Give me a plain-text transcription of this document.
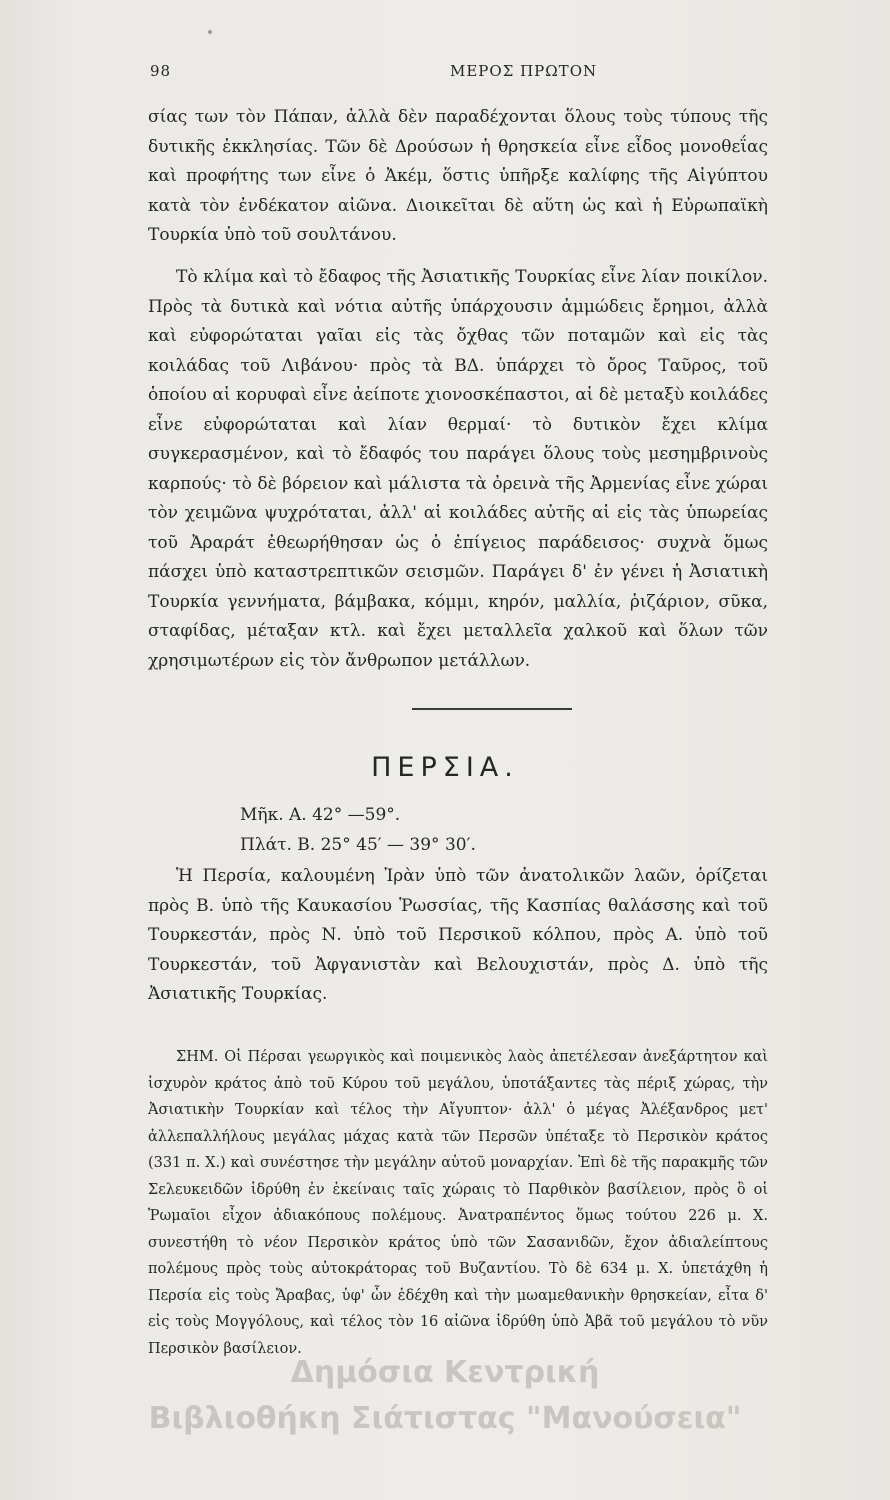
98	ΜΕΡΟΣ ΠΡΩΤΟΝ

σίας των τὸν Πάπαν, ἀλλὰ δὲν παραδέχονται ὅλους τοὺς τύπους τῆς δυτικῆς ἐκκλησίας. Τῶν δὲ Δρούσων ἡ θρησκεία εἶνε εἶδος μονοθεΐας καὶ προφήτης των εἶνε ὁ Ἀκέμ, ὅστις ὑπῆρξε καλίφης τῆς Αἰγύπτου κατὰ τὸν ἐνδέκατον αἰῶνα. Διοικεῖται δὲ αὕτη ὡς καὶ ἡ Εὐρωπαϊκὴ Τουρκία ὑπὸ τοῦ σουλτάνου.

Τὸ κλίμα καὶ τὸ ἔδαφος τῆς Ἀσιατικῆς Τουρκίας εἶνε λίαν ποικίλον. Πρὸς τὰ δυτικὰ καὶ νότια αὐτῆς ὑπάρχουσιν ἀμμώδεις ἔρημοι, ἀλλὰ καὶ εὐφορώταται γαῖαι εἰς τὰς ὄχθας τῶν ποταμῶν καὶ εἰς τὰς κοιλάδας τοῦ Λιβάνου· πρὸς τὰ ΒΔ. ὑπάρχει τὸ ὄρος Ταῦρος, τοῦ ὁποίου αἱ κορυφαὶ εἶνε ἀείποτε χιονοσκέπαστοι, αἱ δὲ μεταξὺ κοιλάδες εἶνε εὐφορώταται καὶ λίαν θερμαί· τὸ δυτικὸν ἔχει κλίμα συγκερασμένον, καὶ τὸ ἔδαφός του παράγει ὅλους τοὺς μεσημβρινοὺς καρπούς· τὸ δὲ βόρειον καὶ μάλιστα τὰ ὀρεινὰ τῆς Ἀρμενίας εἶνε χώραι τὸν χειμῶνα ψυχρόταται, ἀλλ' αἱ κοιλάδες αὐτῆς αἱ εἰς τὰς ὑπωρείας τοῦ Ἀραράτ ἐθεωρήθησαν ὡς ὁ ἐπίγειος παράδεισος· συχνὰ ὅμως πάσχει ὑπὸ καταστρεπτικῶν σεισμῶν. Παράγει δ' ἐν γένει ἡ Ἀσιατικὴ Τουρκία γεννήματα, βάμβακα, κόμμι, κηρόν, μαλλία, ῥιζάριον, σῦκα, σταφίδας, μέταξαν κτλ. καὶ ἔχει μεταλλεῖα χαλκοῦ καὶ ὅλων τῶν χρησιμωτέρων εἰς τὸν ἄνθρωπον μετάλλων.

ΠΕΡΣΙΑ.
Μῆκ. Α. 42° —59°.
Πλάτ. Β. 25° 45′ — 39° 30′.

Ἡ Περσία, καλουμένη Ἰρὰν ὑπὸ τῶν ἀνατολικῶν λαῶν, ὁρίζεται πρὸς Β. ὑπὸ τῆς Καυκασίου Ῥωσσίας, τῆς Κασπίας θαλάσσης καὶ τοῦ Τουρκεστάν, πρὸς Ν. ὑπὸ τοῦ Περσικοῦ κόλπου, πρὸς Α. ὑπὸ τοῦ Τουρκεστάν, τοῦ Ἀφγανιστὰν καὶ Βελουχιστάν, πρὸς Δ. ὑπὸ τῆς Ἀσιατικῆς Τουρκίας.

ΣΗΜ. Οἱ Πέρσαι γεωργικὸς καὶ ποιμενικὸς λαὸς ἀπετέλεσαν ἀνεξάρτητον καὶ ἰσχυρὸν κράτος ἀπὸ τοῦ Κύρου τοῦ μεγάλου, ὑποτάξαντες τὰς πέριξ χώρας, τὴν Ἀσιατικὴν Τουρκίαν καὶ τέλος τὴν Αἴγυπτον· ἀλλ' ὁ μέγας Ἀλέξανδρος μετ' ἀλλεπαλλήλους μεγάλας μάχας κατὰ τῶν Περσῶν ὑπέταξε τὸ Περσικὸν κράτος (331 π. Χ.) καὶ συνέστησε τὴν μεγάλην αὑτοῦ μοναρχίαν. Ἐπὶ δὲ τῆς παρακμῆς τῶν Σελευκειδῶν ἱδρύθη ἐν ἐκείναις ταῖς χώραις τὸ Παρθικὸν βασίλειον, πρὸς ὃ οἱ Ῥωμαῖοι εἶχον ἀδιακόπους πολέμους. Ἀνατραπέντος ὅμως τούτου 226 μ. Χ. συνεστήθη τὸ νέον Περσικὸν κράτος ὑπὸ τῶν Σασανιδῶν, ἔχον ἀδιαλείπτους πολέμους πρὸς τοὺς αὐτοκράτορας τοῦ Βυζαντίου. Τὸ δὲ 634 μ. Χ. ὑπετάχθη ἡ Περσία εἰς τοὺς Ἄραβας, ὑφ' ὧν ἐδέχθη καὶ τὴν μωαμεθανικὴν θρησκείαν, εἶτα δ' εἰς τοὺς Μογγόλους, καὶ τέλος τὸν 16 αἰῶνα ἱδρύθη ὑπὸ Ἀβᾶ τοῦ μεγάλου τὸ νῦν Περσικὸν βασίλειον.

Δημόσια Κεντρική
Βιβλιοθήκη Σιάτιστας "Μανούσεια"
